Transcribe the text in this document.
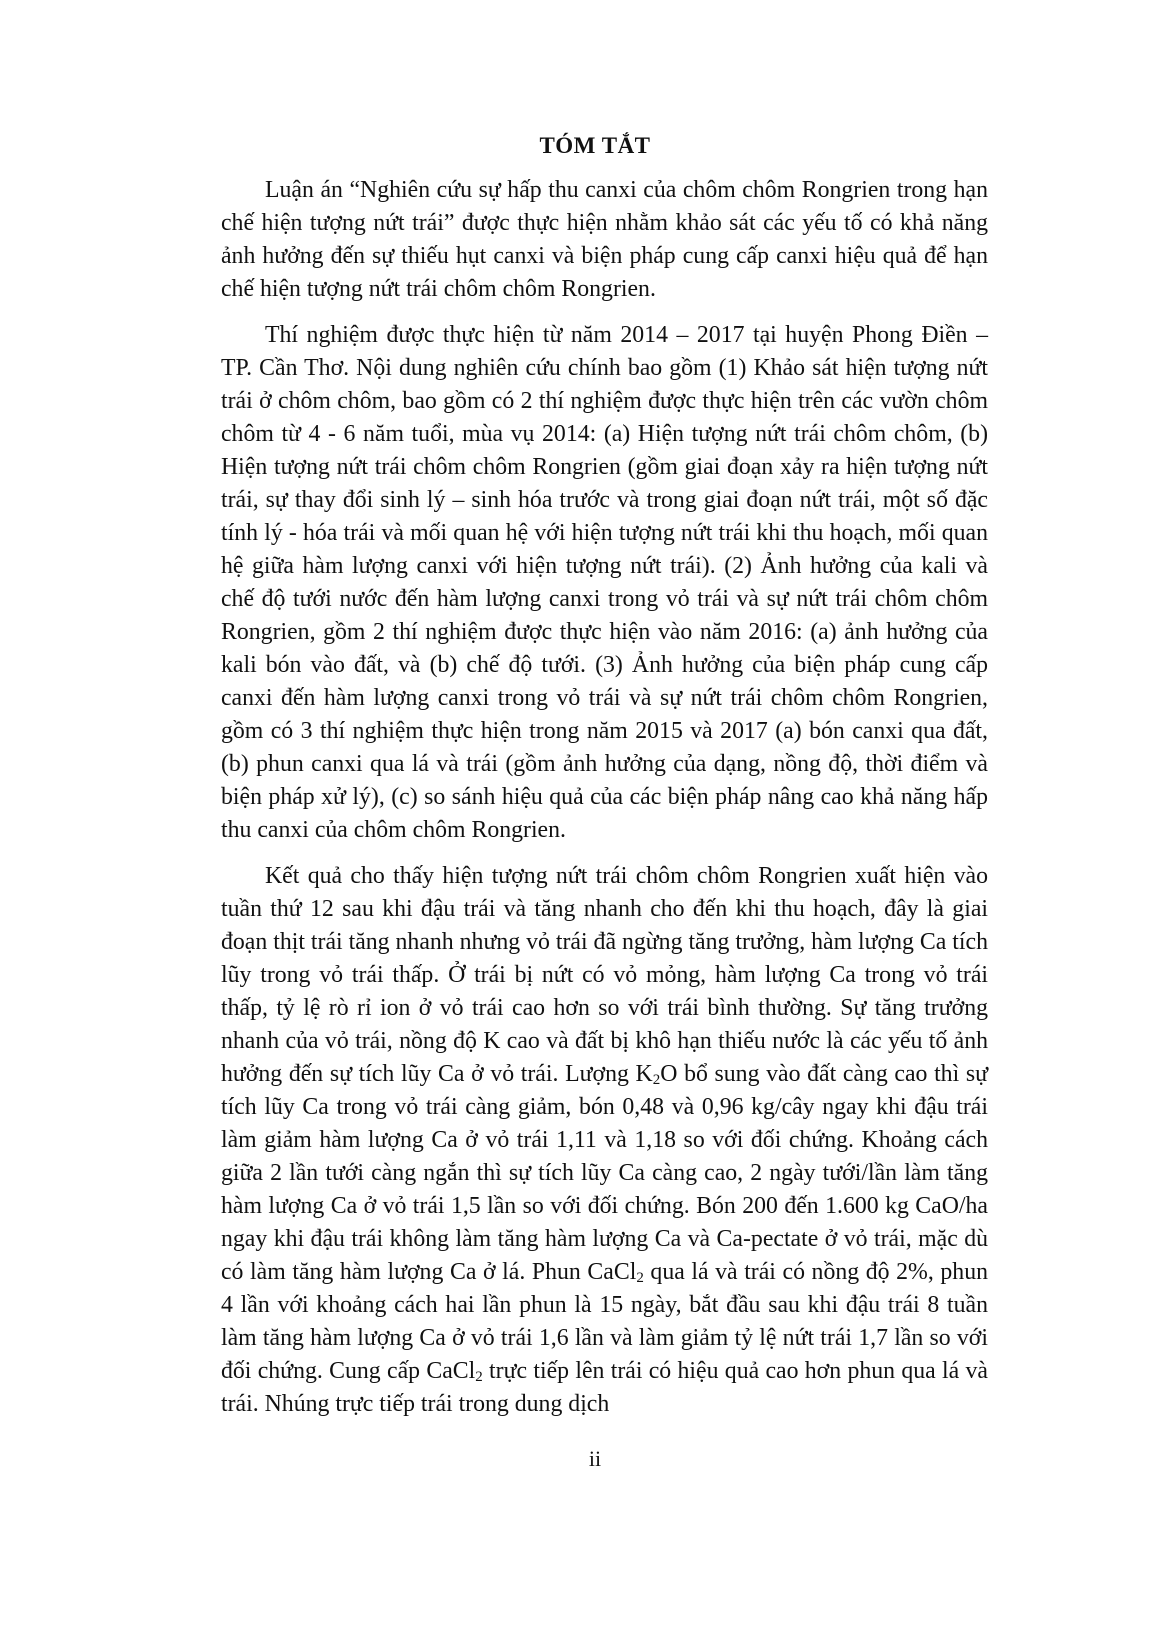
TÓM TẮT

Luận án “Nghiên cứu sự hấp thu canxi của chôm chôm Rongrien trong hạn chế hiện tượng nứt trái” được thực hiện nhằm khảo sát các yếu tố có khả năng ảnh hưởng đến sự thiếu hụt canxi và biện pháp cung cấp canxi hiệu quả để hạn chế hiện tượng nứt trái chôm chôm Rongrien.

Thí nghiệm được thực hiện từ năm 2014 – 2017 tại huyện Phong Điền – TP. Cần Thơ. Nội dung nghiên cứu chính bao gồm (1) Khảo sát hiện tượng nứt trái ở chôm chôm, bao gồm có 2 thí nghiệm được thực hiện trên các vườn chôm chôm từ 4 - 6 năm tuổi, mùa vụ 2014: (a) Hiện tượng nứt trái chôm chôm, (b) Hiện tượng nứt trái chôm chôm Rongrien (gồm giai đoạn xảy ra hiện tượng nứt trái, sự thay đổi sinh lý – sinh hóa trước và trong giai đoạn nứt trái, một số đặc tính lý - hóa trái và mối quan hệ với hiện tượng nứt trái khi thu hoạch, mối quan hệ giữa hàm lượng canxi với hiện tượng nứt trái). (2) Ảnh hưởng của kali và chế độ tưới nước đến hàm lượng canxi trong vỏ trái và sự nứt trái chôm chôm Rongrien, gồm 2 thí nghiệm được thực hiện vào năm 2016: (a) ảnh hưởng của kali bón vào đất, và (b) chế độ tưới. (3) Ảnh hưởng của biện pháp cung cấp canxi đến hàm lượng canxi trong vỏ trái và sự nứt trái chôm chôm Rongrien, gồm có 3 thí nghiệm thực hiện trong năm 2015 và 2017 (a) bón canxi qua đất, (b) phun canxi qua lá và trái (gồm ảnh hưởng của dạng, nồng độ, thời điểm và biện pháp xử lý), (c) so sánh hiệu quả của các biện pháp nâng cao khả năng hấp thu canxi của chôm chôm Rongrien.

Kết quả cho thấy hiện tượng nứt trái chôm chôm Rongrien xuất hiện vào tuần thứ 12 sau khi đậu trái và tăng nhanh cho đến khi thu hoạch, đây là giai đoạn thịt trái tăng nhanh nhưng vỏ trái đã ngừng tăng trưởng, hàm lượng Ca tích lũy trong vỏ trái thấp. Ở trái bị nứt có vỏ mỏng, hàm lượng Ca trong vỏ trái thấp, tỷ lệ rò rỉ ion ở vỏ trái cao hơn so với trái bình thường. Sự tăng trưởng nhanh của vỏ trái, nồng độ K cao và đất bị khô hạn thiếu nước là các yếu tố ảnh hưởng đến sự tích lũy Ca ở vỏ trái. Lượng $K_2O$ bổ sung vào đất càng cao thì sự tích lũy Ca trong vỏ trái càng giảm, bón 0,48 và 0,96 kg/cây ngay khi đậu trái làm giảm hàm lượng Ca ở vỏ trái 1,11 và 1,18 so với đối chứng. Khoảng cách giữa 2 lần tưới càng ngắn thì sự tích lũy Ca càng cao, 2 ngày tưới/lần làm tăng hàm lượng Ca ở vỏ trái 1,5 lần so với đối chứng. Bón 200 đến 1.600 kg CaO/ha ngay khi đậu trái không làm tăng hàm lượng Ca và Ca-pectate ở vỏ trái, mặc dù có làm tăng hàm lượng Ca ở lá. Phun CaCl$_2$ qua lá và trái có nồng độ 2%, phun 4 lần với khoảng cách hai lần phun là 15 ngày, bắt đầu sau khi đậu trái 8 tuần làm tăng hàm lượng Ca ở vỏ trái 1,6 lần và làm giảm tỷ lệ nứt trái 1,7 lần so với đối chứng. Cung cấp CaCl$_2$ trực tiếp lên trái có hiệu quả cao hơn phun qua lá và trái. Nhúng trực tiếp trái trong dung dịch

ii
